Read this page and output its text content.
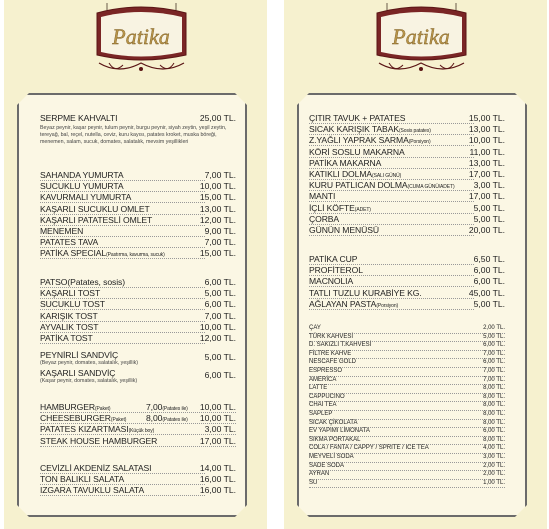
Patika
SERPME KAHVALTI	25,00 TL.
Beyaz peynir, kaşar peynir, tulum peynir, burgu peynir, siyah zeytin, yeşil zeytin, tereyağ, bal, reçel, nutella, ceviz, kuru kayısı, patates kroket, muska böreği, menemen, salam, sucuk, domates, salatalık, mevsim yeşillikleri
SAHANDA YUMURTA	7,00 TL.
SUCUKLU YUMURTA	10,00 TL.
KAVURMALI YUMURTA	15,00 TL.
KAŞARLI SUCUKLU OMLET	13,00 TL.
KAŞARLI PATATESLİ OMLET	12,00 TL.
MENEMEN	9,00 TL.
PATATES TAVA	7,00 TL.
PATİKA SPECIAL(Pastırma, kavurma, sucuk)	15,00 TL.
PATSO(Patates, sosis)	6,00 TL.
KAŞARLI TOST	5,00 TL.
SUCUKLU TOST	6,00 TL.
KARIŞIK TOST	7,00 TL.
AYVALIK TOST	10,00 TL.
PATİKA TOST	12,00 TL.
PEYNİRLİ SANDVİÇ	5,00 TL.
(Beyaz peynir, domates, salatalık, yeşillik)
KAŞARLI SANDVİÇ	6,00 TL.
(Kaşar peynir, domates, salatalık, yeşillik)
HAMBURGER(Paket)	7,00(Patates ile) 10,00 TL.
CHEESEBURGER(Paket) 8,00(Patates ile) 10,00 TL.
PATATES KIZARTMASI(Küçük boy)	3,00 TL.
STEAK HOUSE HAMBURGER	17,00 TL.
CEVİZLİ AKDENİZ SALATASI	14,00 TL.
TON BALIKLI SALATA	16,00 TL.
IZGARA TAVUKLU SALATA	16,00 TL.
Patika
ÇITIR TAVUK + PATATES	15,00 TL.
SICAK KARIŞIK TABAK(Sosis patates)	13,00 TL.
Z.YAĞLI YAPRAK SARMA(Porsiyon)	10,00 TL.
KÖRİ SOSLU MAKARNA	11,00 TL.
PATİKA MAKARNA	13,00 TL.
KATIKLI DOLMA(SALI GÜNÜ)	17,00 TL.
KURU PATLICAN DOLMA(CUMA GÜNÜ/ADET) 3,00 TL.
MANTI	17,00 TL.
İÇLİ KÖFTE(ADET)	5,00 TL.
ÇORBA	5,00 TL.
GÜNÜN MENÜSÜ	20,00 TL.
PATİKA CUP	6,50 TL.
PROFİTEROL	6,00 TL.
MACNOLIA	6,00 TL.
TATLI TUZLU KURABİYE KG.	45,00 TL.
AĞLAYAN PASTA(Porsiyon)	5,00 TL.
ÇAY	2,00 TL.
TÜRK KAHVESİ	5,00 TL.
D. SAKIZLI T.KAHVESİ	6,00 TL.
FİLTRE KAHVE	7,00 TL.
NESCAFE GOLD	6,00 TL.
ESPRESSO	7,00 TL.
AMERİCA	7,00 TL.
LATTE	8,00 TL.
CAPPUCINO	8,00 TL.
CHAI TEA	8,00 TL.
SAPLEP	8,00 TL.
SICAK ÇİKOLATA	8,00 TL.
EV YAPIMI LİMONATA	6,00 TL.
SIKMA PORTAKAL	8,00 TL.
COLA / FANTA / CAPPY / SPRITE / ICE TEA	4,00 TL.
MEYVELİ SODA	3,00 TL.
SADE SODA	2,00 TL.
AYRAN	2,00 TL.
SU	1,00 TL.
